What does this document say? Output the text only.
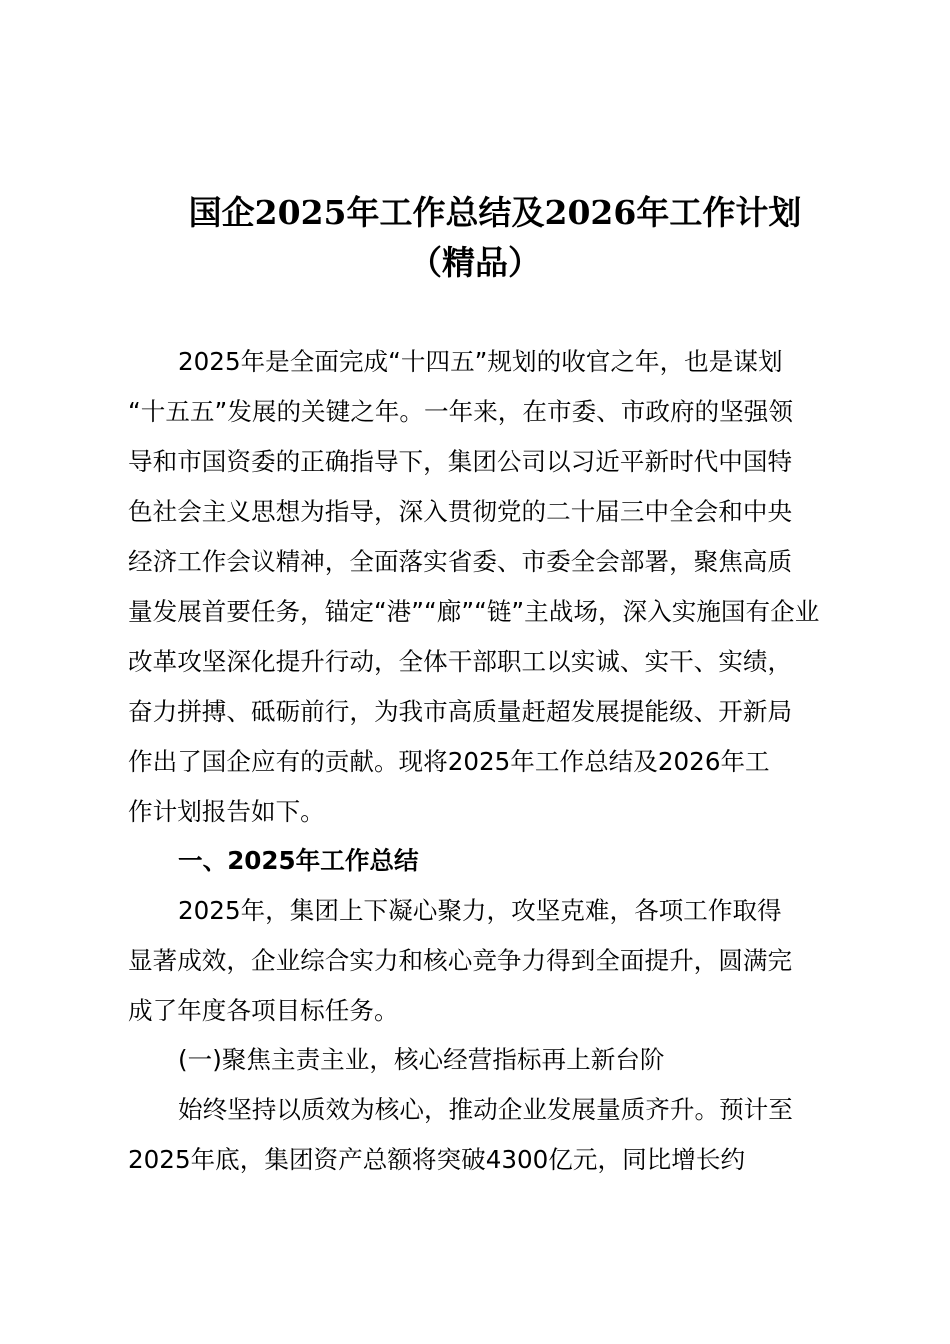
国企2025年工作总结及2026年工作计划
（精品）
2025年是全面完成“十四五”规划的收官之年，也是谋划
“十五五”发展的关键之年。一年来，在市委、市政府的坚强领
导和市国资委的正确指导下，集团公司以习近平新时代中国特
色社会主义思想为指导，深入贯彻党的二十届三中全会和中央
经济工作会议精神，全面落实省委、市委全会部署，聚焦高质
量发展首要任务，锚定“港”“廊”“链”主战场，深入实施国有企业
改革攻坚深化提升行动，全体干部职工以实诚、实干、实绩，
奋力拼搏、砥砺前行，为我市高质量赶超发展提能级、开新局
作出了国企应有的贡献。现将2025年工作总结及2026年工
作计划报告如下。
一、2025年工作总结
2025年，集团上下凝心聚力，攻坚克难，各项工作取得
显著成效，企业综合实力和核心竞争力得到全面提升，圆满完
成了年度各项目标任务。
(一)聚焦主责主业，核心经营指标再上新台阶
始终坚持以质效为核心，推动企业发展量质齐升。预计至
2025年底，集团资产总额将突破4300亿元，同比增长约
